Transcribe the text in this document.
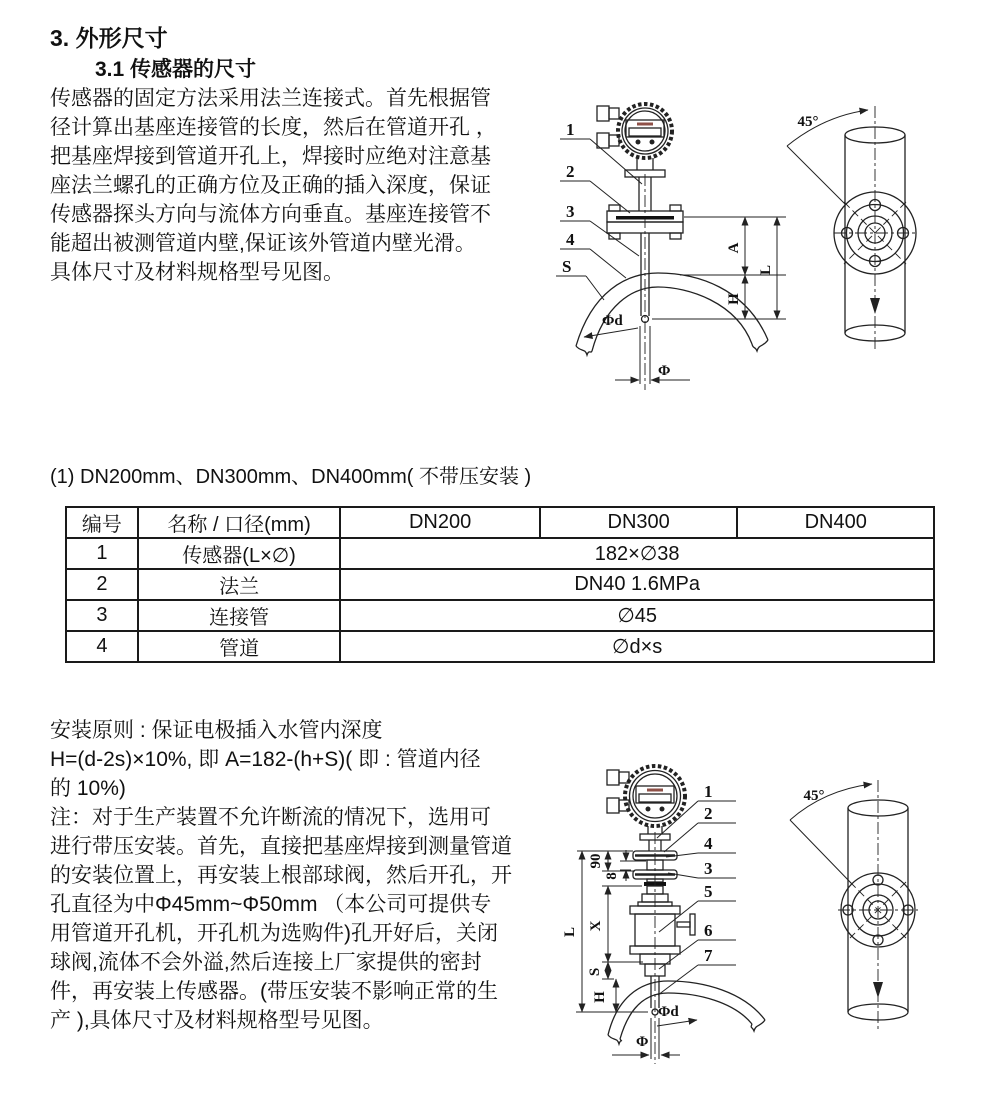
3. 外形尺寸
3.1 传感器的尺寸
传感器的固定方法采用法兰连接式。首先根据管
径计算出基座连接管的长度，然后在管道开孔 ，
把基座焊接到管道开孔上，焊接时应绝对注意基
座法兰螺孔的正确方位及正确的插入深度，保证
传感器探头方向与流体方向垂直。基座连接管不
能超出被测管道内壁,保证该外管道内壁光滑。
具体尺寸及材料规格型号见图。
1
2
3
4
S
Φd
Φ
A
H
L
45°
(1) DN200mm、DN300mm、DN400mm( 不带压安装 )
编号	名称 / 口径(mm)	DN200	DN300	DN400
1	传感器(L×∅)	182×∅38		
2	法兰	DN40 1.6MPa		
3	连接管	∅45		
4	管道	∅d×s		
安装原则 : 保证电极插入水管内深度
H=(d-2s)×10%, 即 A=182-(h+S)( 即 : 管道内径
的 10%)
注：对于生产装置不允许断流的情况下，选用可
进行带压安装。首先，直接把基座焊接到测量管道
的安装位置上，再安装上根部球阀，然后开孔，开
孔直径为中Φ45mm~Φ50mm （本公司可提供专
用管道开孔机，开孔机为选购件)孔开好后，关闭
球阀,流体不会外溢,然后连接上厂家提供的密封
件，再安装上传感器。(带压安装不影响正常的生
产 ),具体尺寸及材料规格型号见图。
1
2
4
3
5
6
7
L
90
8
X
S
H
Φd
Φ
45°
